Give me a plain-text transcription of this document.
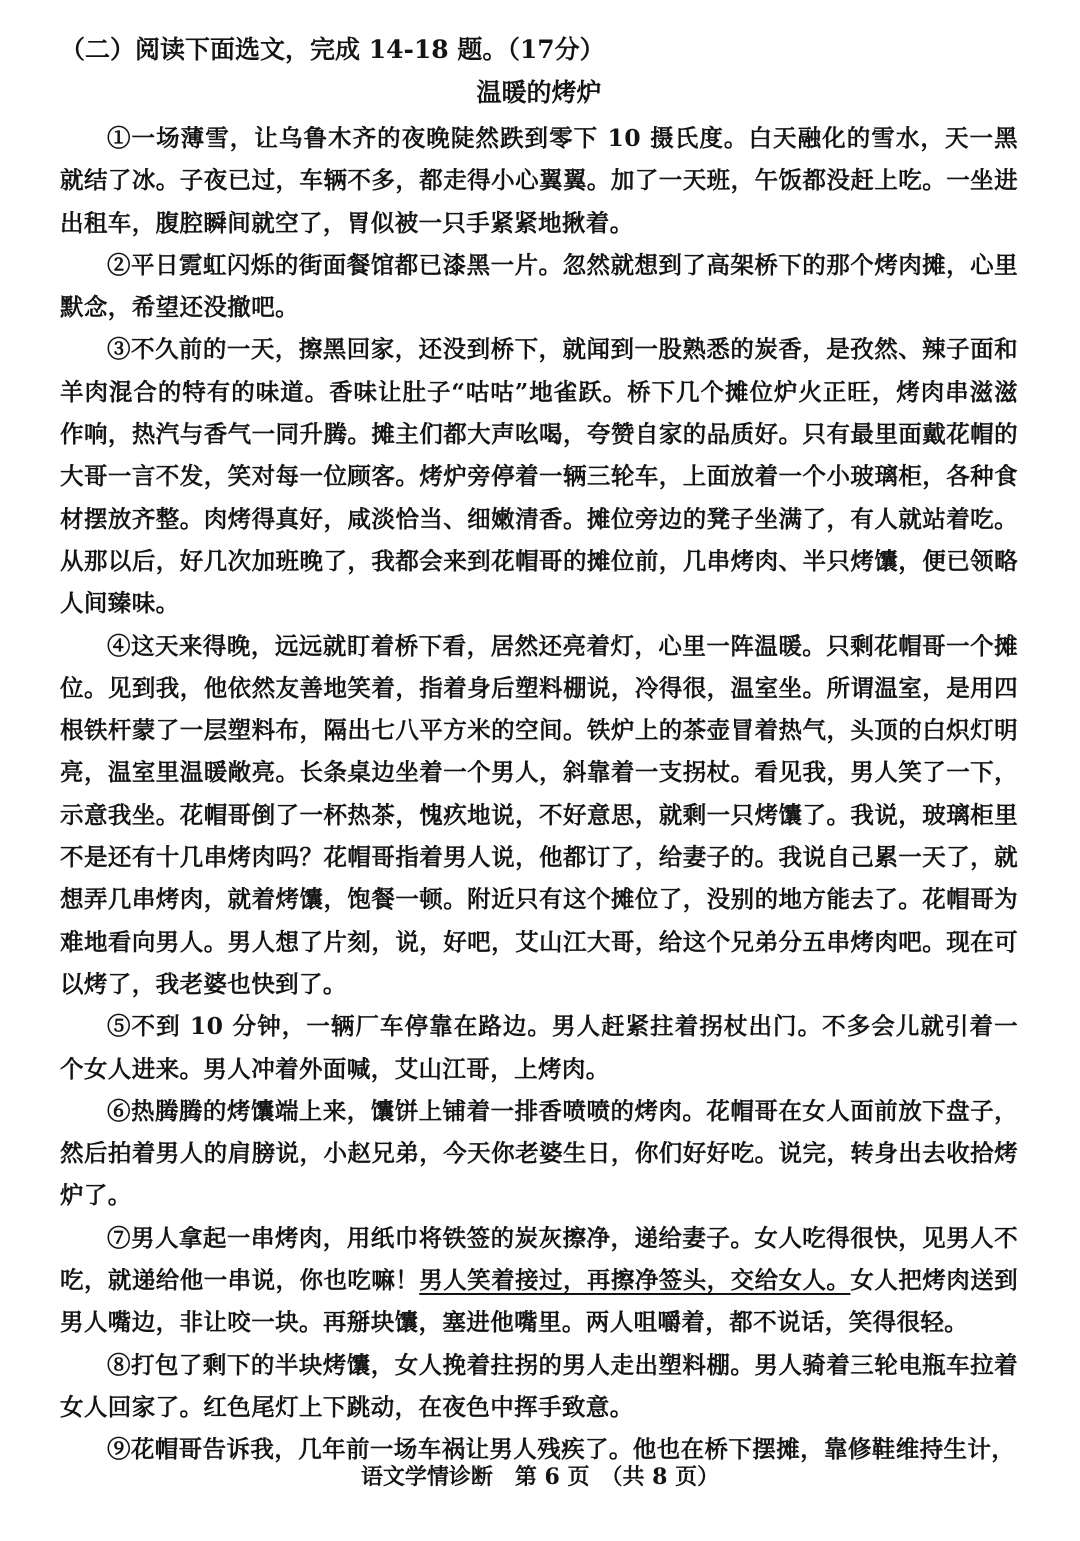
（二）阅读下面选文，完成 14-18 题。（17分）
温暖的烤炉

①一场薄雪，让乌鲁木齐的夜晚陡然跌到零下 10 摄氏度。白天融化的雪水，天一黑就结了冰。子夜已过，车辆不多，都走得小心翼翼。加了一天班，午饭都没赶上吃。一坐进出租车，腹腔瞬间就空了，胃似被一只手紧紧地揪着。

②平日霓虹闪烁的街面餐馆都已漆黑一片。忽然就想到了高架桥下的那个烤肉摊，心里默念，希望还没撤吧。

③不久前的一天，擦黑回家，还没到桥下，就闻到一股熟悉的炭香，是孜然、辣子面和羊肉混合的特有的味道。香味让肚子“咕咕”地雀跃。桥下几个摊位炉火正旺，烤肉串滋滋作响，热汽与香气一同升腾。摊主们都大声吆喝，夸赞自家的品质好。只有最里面戴花帽的大哥一言不发，笑对每一位顾客。烤炉旁停着一辆三轮车，上面放着一个小玻璃柜，各种食材摆放齐整。肉烤得真好，咸淡恰当、细嫩清香。摊位旁边的凳子坐满了，有人就站着吃。从那以后，好几次加班晚了，我都会来到花帽哥的摊位前，几串烤肉、半只烤馕，便已领略人间臻味。

④这天来得晚，远远就盯着桥下看，居然还亮着灯，心里一阵温暖。只剩花帽哥一个摊位。见到我，他依然友善地笑着，指着身后塑料棚说，冷得很，温室坐。所谓温室，是用四根铁杆蒙了一层塑料布，隔出七八平方米的空间。铁炉上的茶壶冒着热气，头顶的白炽灯明亮，温室里温暖敞亮。长条桌边坐着一个男人，斜靠着一支拐杖。看见我，男人笑了一下，示意我坐。花帽哥倒了一杯热茶，愧疚地说，不好意思，就剩一只烤馕了。我说，玻璃柜里不是还有十几串烤肉吗？花帽哥指着男人说，他都订了，给妻子的。我说自己累一天了，就想弄几串烤肉，就着烤馕，饱餐一顿。附近只有这个摊位了，没别的地方能去了。花帽哥为难地看向男人。男人想了片刻，说，好吧，艾山江大哥，给这个兄弟分五串烤肉吧。现在可以烤了，我老婆也快到了。

⑤不到 10 分钟，一辆厂车停靠在路边。男人赶紧拄着拐杖出门。不多会儿就引着一个女人进来。男人冲着外面喊，艾山江哥，上烤肉。

⑥热腾腾的烤馕端上来，馕饼上铺着一排香喷喷的烤肉。花帽哥在女人面前放下盘子，然后拍着男人的肩膀说，小赵兄弟，今天你老婆生日，你们好好吃。说完，转身出去收拾烤炉了。

⑦男人拿起一串烤肉，用纸巾将铁签的炭灰擦净，递给妻子。女人吃得很快，见男人不吃，就递给他一串说，你也吃嘛！男人笑着接过，再擦净签头，交给女人。女人把烤肉送到男人嘴边，非让咬一块。再掰块馕，塞进他嘴里。两人咀嚼着，都不说话，笑得很轻。

⑧打包了剩下的半块烤馕，女人挽着拄拐的男人走出塑料棚。男人骑着三轮电瓶车拉着女人回家了。红色尾灯上下跳动，在夜色中挥手致意。

⑨花帽哥告诉我，几年前一场车祸让男人残疾了。他也在桥下摆摊，靠修鞋维持生计，

语文学情诊断　第 6 页　（共 8 页）
